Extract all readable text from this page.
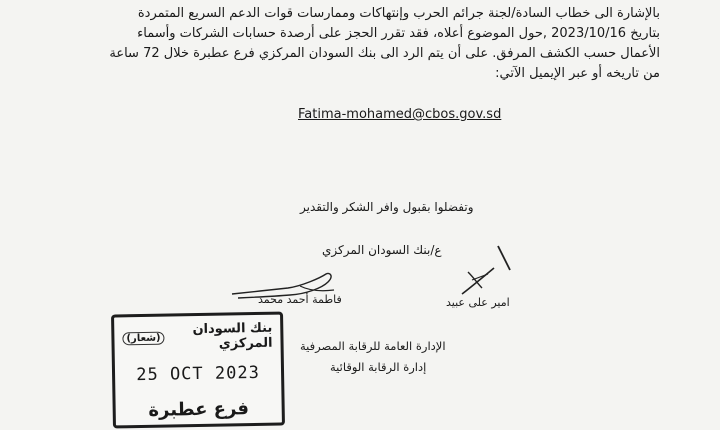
بالإشارة الى خطاب السادة/لجنة جرائم الحرب وإنتهاكات وممارسات قوات الدعم السريع المتمردة
بتاريخ 2023/10/16 ,حول الموضوع أعلاه، فقد تقرر الحجز على أرصدة حسابات الشركات وأسماء
الأعمال حسب الكشف المرفق. على أن يتم الرد الى بنك السودان المركزي فرع عطبرة خلال 72 ساعة
من تاريخه أو عبر الإيميل الآتي:
Fatima-mohamed@cbos.gov.sd
وتفضلوا بقبول وافر الشكر والتقدير
ع/بنك السودان المركزي
فاطمة أحمد محمد	امير على عبيد
الإدارة العامة للرقابة المصرفية
إدارة الرقابة الوقائية
بنك السودان المركزي
(شعار)
25 OCT 2023
فرع عطبرة
